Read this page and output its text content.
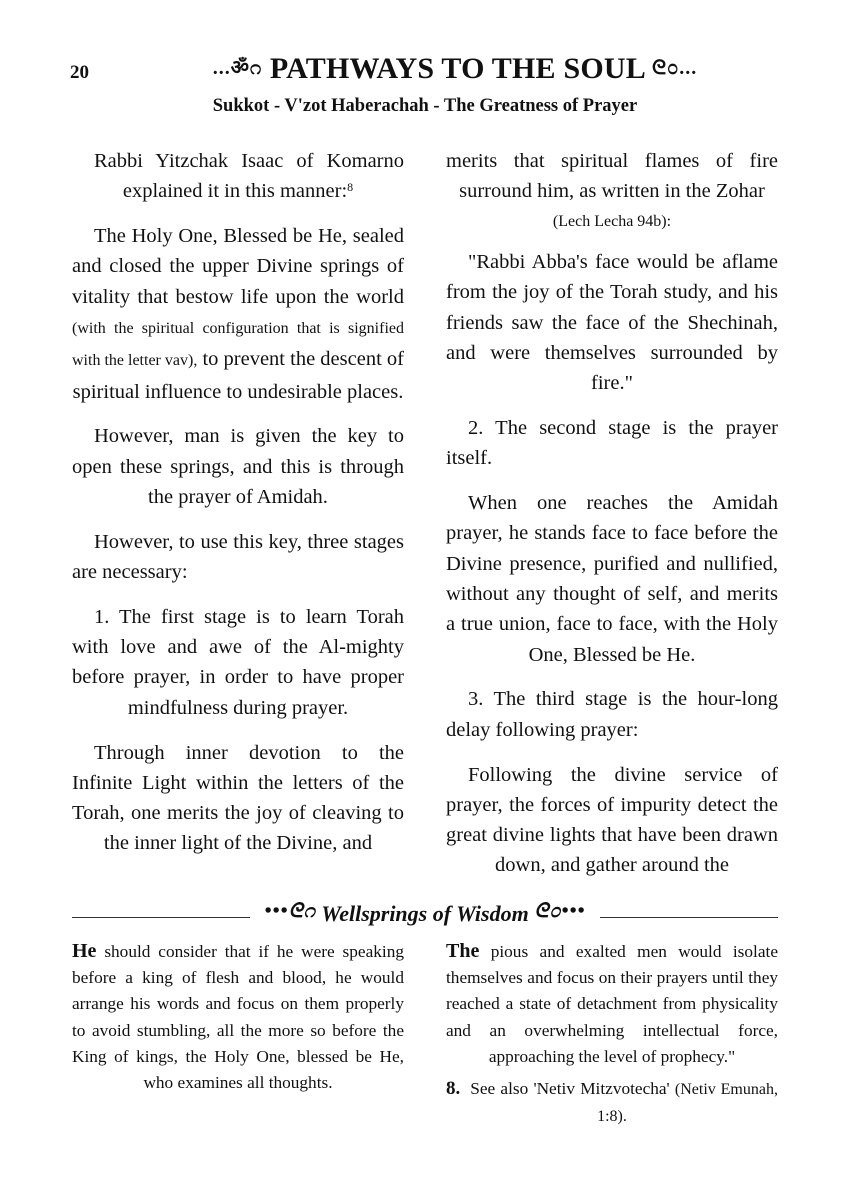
20	...ॐ೧ PATHWAYS TO THE SOUL ᘓ೦...
Sukkot - V'zot Haberachah - The Greatness of Prayer

Rabbi Yitzchak Isaac of Komarno explained it in this manner:$^8$

The Holy One, Blessed be He, sealed and closed the upper Divine springs of vitality that bestow life upon the world (with the spiritual configuration that is signified with the letter vav), to prevent the descent of spiritual influence to undesirable places.

However, man is given the key to open these springs, and this is through the prayer of Amidah.

However, to use this key, three stages are necessary:

1. The first stage is to learn Torah with love and awe of the Al-mighty before prayer, in order to have proper mindfulness during prayer.

Through inner devotion to the Infinite Light within the letters of the Torah, one merits the joy of cleaving to the inner light of the Divine, and

merits that spiritual flames of fire surround him, as written in the Zohar
(Lech Lecha 94b):

"Rabbi Abba's face would be aflame from the joy of the Torah study, and his friends saw the face of the Shechinah, and were themselves surrounded by fire."

2. The second stage is the prayer itself.

When one reaches the Amidah prayer, he stands face to face before the Divine presence, purified and nullified, without any thought of self, and merits a true union, face to face, with the Holy One, Blessed be He.

3. The third stage is the hour-long delay following prayer:

Following the divine service of prayer, the forces of impurity detect the great divine lights that have been drawn down, and gather around the

•••ᘓ೧ Wellsprings of Wisdom ᘓ೦•••

He should consider that if he were speaking before a king of flesh and blood, he would arrange his words and focus on them properly to avoid stumbling, all the more so before the King of kings, the Holy One, blessed be He, who examines all thoughts.

The pious and exalted men would isolate themselves and focus on their prayers until they reached a state of detachment from physicality and an overwhelming intellectual force, approaching the level of prophecy."

8. See also 'Netiv Mitzvotecha' (Netiv Emunah, 1:8).
